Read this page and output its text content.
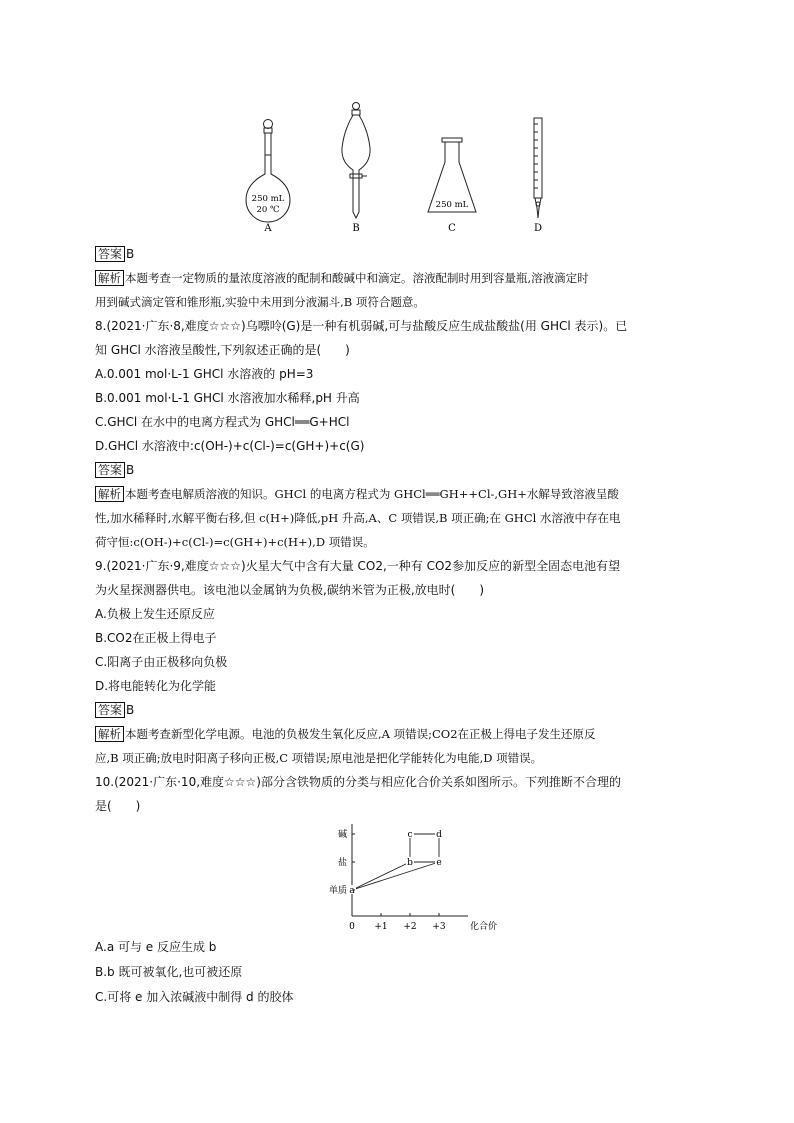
250 mL
20 ℃
A	B
250 mL
C	D
答案 B
解析 本题考查一定物质的量浓度溶液的配制和酸碱中和滴定。溶液配制时用到容量瓶,溶液滴定时
用到碱式滴定管和锥形瓶,实验中未用到分液漏斗,B 项符合题意。
8.(2021·广东·8,难度☆☆☆)乌嘌呤(G)是一种有机弱碱,可与盐酸反应生成盐酸盐(用 GHCl 表示)。已
知 GHCl 水溶液呈酸性,下列叙述正确的是(　　)
A.0.001 mol·L-1 GHCl 水溶液的 pH=3
B.0.001 mol·L-1 GHCl 水溶液加水稀释,pH 升高
C.GHCl 在水中的电离方程式为 GHCl══G+HCl
D.GHCl 水溶液中:c(OH-)+c(Cl-)=c(GH+)+c(G)
答案 B
解析 本题考查电解质溶液的知识。GHCl 的电离方程式为 GHCl══GH++Cl-,GH+水解导致溶液呈酸
性,加水稀释时,水解平衡右移,但 c(H+)降低,pH 升高,A、C 项错误,B 项正确;在 GHCl 水溶液中存在电
荷守恒:c(OH-)+c(Cl-)=c(GH+)+c(H+),D 项错误。
9.(2021·广东·9,难度☆☆☆)火星大气中含有大量 CO2,一种有 CO2参加反应的新型全固态电池有望
为火星探测器供电。该电池以金属钠为负极,碳纳米管为正极,放电时(　　)
A.负极上发生还原反应
B.CO2在正极上得电子
C.阳离子由正极移向负极
D.将电能转化为化学能
答案 B
解析 本题考查新型化学电源。电池的负极发生氧化反应,A 项错误;CO2在正极上得电子发生还原反
应,B 项正确;放电时阳离子移向正极,C 项错误;原电池是把化学能转化为电能,D 项错误。
10.(2021·广东·10,难度☆☆☆)部分含铁物质的分类与相应化合价关系如图所示。下列推断不合理的
是(　　)
a
b
c	d
e
0 +1 +2 +3	化合价
单质
盐
碱
A.a 可与 e 反应生成 b
B.b 既可被氧化,也可被还原
C.可将 e 加入浓碱液中制得 d 的胶体
